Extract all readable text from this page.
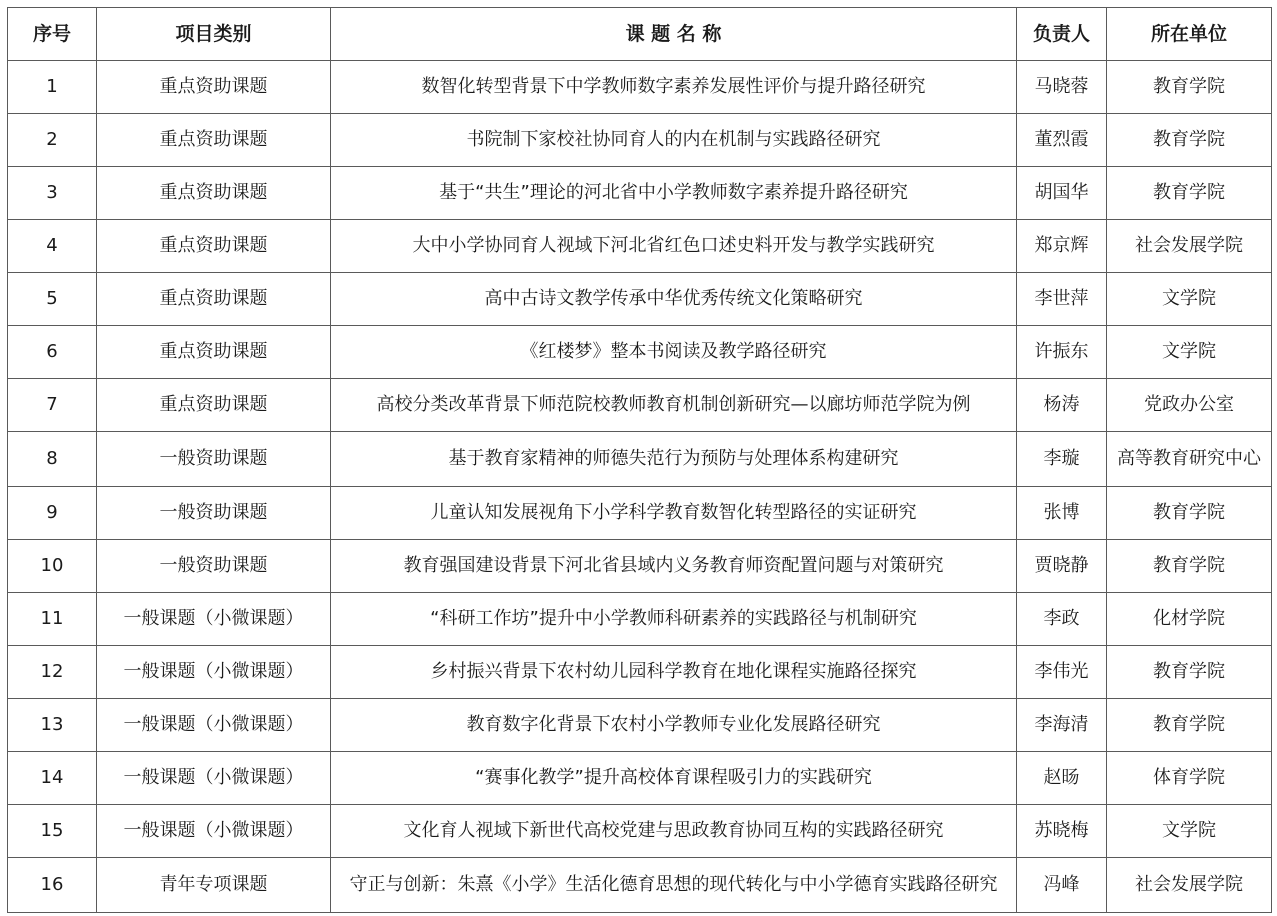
序号	项目类别	课 题 名 称	负责人	所在单位
1	重点资助课题	数智化转型背景下中学教师数字素养发展性评价与提升路径研究	马晓蓉	教育学院
2	重点资助课题	书院制下家校社协同育人的内在机制与实践路径研究	董烈霞	教育学院
3	重点资助课题	基于“共生”理论的河北省中小学教师数字素养提升路径研究	胡国华	教育学院
4	重点资助课题	大中小学协同育人视域下河北省红色口述史料开发与教学实践研究	郑京辉	社会发展学院
5	重点资助课题	高中古诗文教学传承中华优秀传统文化策略研究	李世萍	文学院
6	重点资助课题	《红楼梦》整本书阅读及教学路径研究	许振东	文学院
7	重点资助课题	高校分类改革背景下师范院校教师教育机制创新研究—以廊坊师范学院为例	杨涛	党政办公室
8	一般资助课题	基于教育家精神的师德失范行为预防与处理体系构建研究	李璇	高等教育研究中心
9	一般资助课题	儿童认知发展视角下小学科学教育数智化转型路径的实证研究	张博	教育学院
10	一般资助课题	教育强国建设背景下河北省县域内义务教育师资配置问题与对策研究	贾晓静	教育学院
11	一般课题（小微课题）	“科研工作坊”提升中小学教师科研素养的实践路径与机制研究	李政	化材学院
12	一般课题（小微课题）	乡村振兴背景下农村幼儿园科学教育在地化课程实施路径探究	李伟光	教育学院
13	一般课题（小微课题）	教育数字化背景下农村小学教师专业化发展路径研究	李海清	教育学院
14	一般课题（小微课题）	“赛事化教学”提升高校体育课程吸引力的实践研究	赵旸	体育学院
15	一般课题（小微课题）	文化育人视域下新世代高校党建与思政教育协同互构的实践路径研究	苏晓梅	文学院
16	青年专项课题	守正与创新：朱熹《小学》生活化德育思想的现代转化与中小学德育实践路径研究	冯峰	社会发展学院
